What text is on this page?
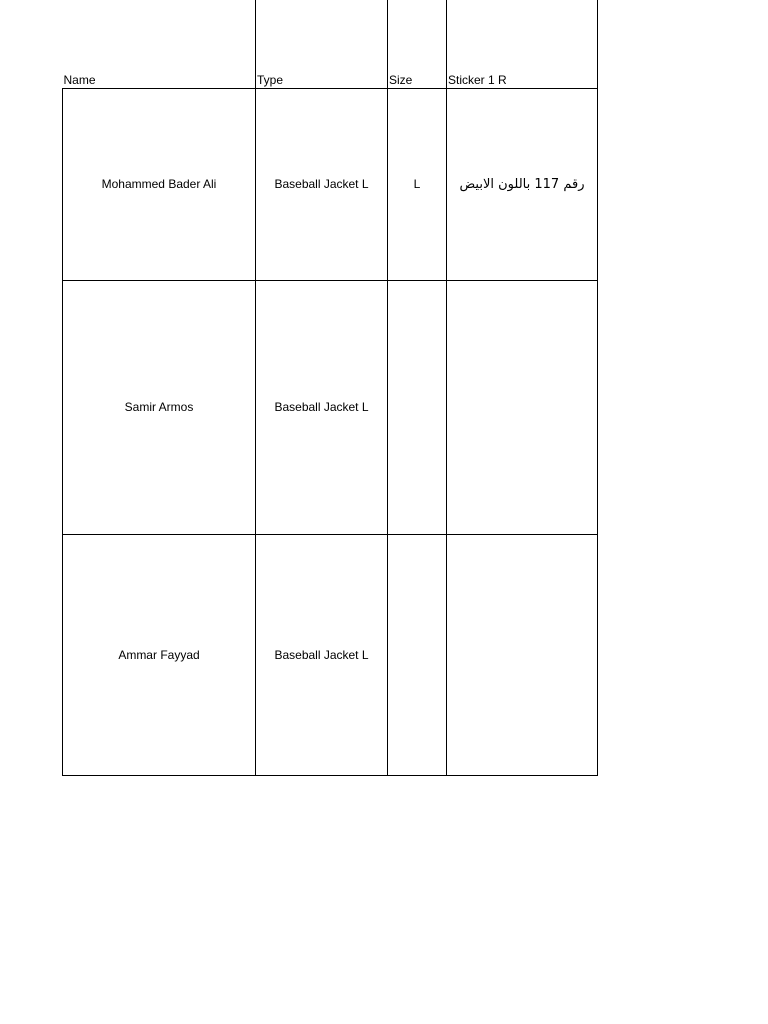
Name	Type	Size	Sticker 1 R
Mohammed Bader Ali	Baseball Jacket L	L	رقم 117 باللون الابيض
Samir Armos	Baseball Jacket L		
Ammar Fayyad	Baseball Jacket L		
